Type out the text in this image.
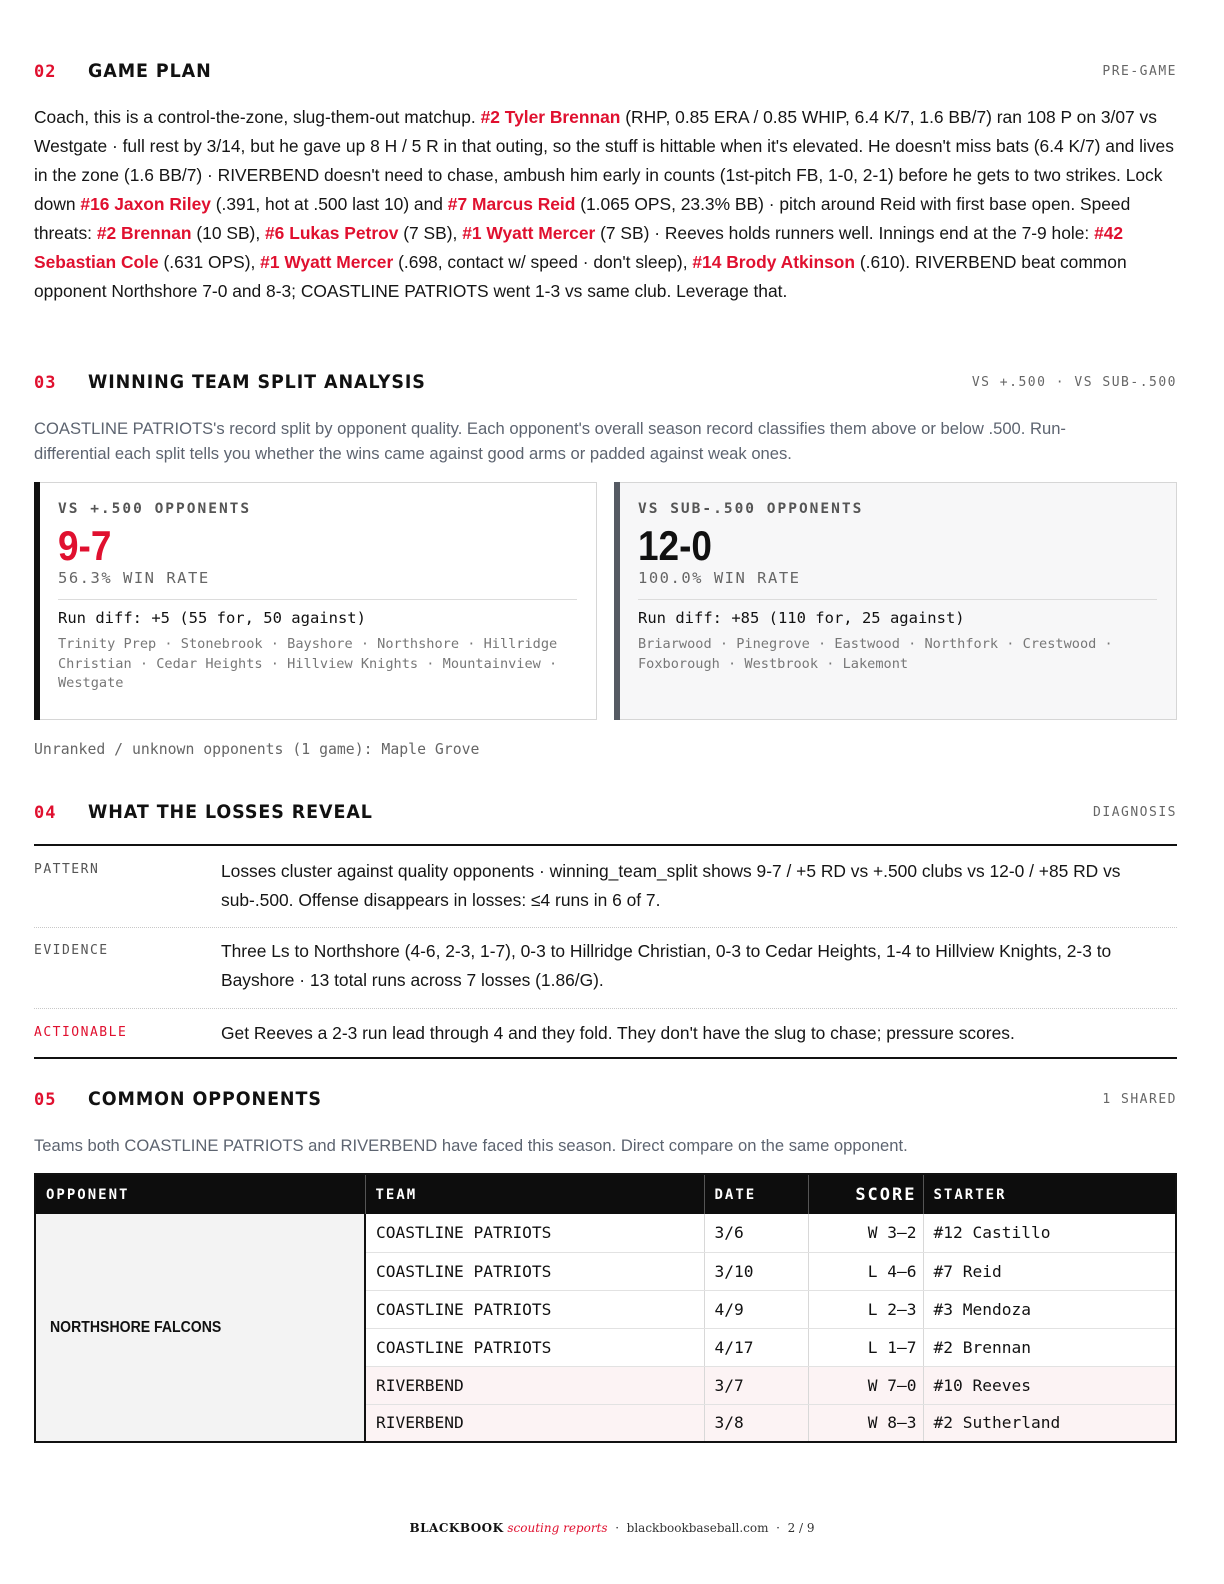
02 GAME PLAN	PRE-GAME

Coach, this is a control-the-zone, slug-them-out matchup. #2 Tyler Brennan (RHP, 0.85 ERA / 0.85 WHIP, 6.4 K/7, 1.6 BB/7) ran 108 P on 3/07 vs Westgate · full rest by 3/14, but he gave up 8 H / 5 R in that outing, so the stuff is hittable when it's elevated. He doesn't miss bats (6.4 K/7) and lives in the zone (1.6 BB/7) · RIVERBEND doesn't need to chase, ambush him early in counts (1st-pitch FB, 1-0, 2-1) before he gets to two strikes. Lock down #16 Jaxon Riley (.391, hot at .500 last 10) and #7 Marcus Reid (1.065 OPS, 23.3% BB) · pitch around Reid with first base open. Speed threats: #2 Brennan (10 SB), #6 Lukas Petrov (7 SB), #1 Wyatt Mercer (7 SB) · Reeves holds runners well. Innings end at the 7-9 hole: #42 Sebastian Cole (.631 OPS), #1 Wyatt Mercer (.698, contact w/ speed · don't sleep), #14 Brody Atkinson (.610). RIVERBEND beat common opponent Northshore 7-0 and 8-3; COASTLINE PATRIOTS went 1-3 vs same club. Leverage that.

03 WINNING TEAM SPLIT ANALYSIS	VS +.500 · VS SUB-.500

COASTLINE PATRIOTS's record split by opponent quality. Each opponent's overall season record classifies them above or below .500. Run-differential each split tells you whether the wins came against good arms or padded against weak ones.

VS +.500 OPPONENTS
9-7
56.3% WIN RATE
Run diff: +5 (55 for, 50 against)
Trinity Prep · Stonebrook · Bayshore · Northshore · Hillridge Christian · Cedar Heights · Hillview Knights · Mountainview · Westgate
VS SUB-.500 OPPONENTS
12-0
100.0% WIN RATE
Run diff: +85 (110 for, 25 against)
Briarwood · Pinegrove · Eastwood · Northfork · Crestwood · Foxborough · Westbrook · Lakemont
Unranked / unknown opponents (1 game): Maple Grove
04 WHAT THE LOSSES REVEAL	DIAGNOSIS
PATTERN	Losses cluster against quality opponents · winning_team_split shows 9-7 / +5 RD vs +.500 clubs vs 12-0 / +85 RD vs sub-.500. Offense disappears in losses: ≤4 runs in 6 of 7.
EVIDENCE	Three Ls to Northshore (4-6, 2-3, 1-7), 0-3 to Hillridge Christian, 0-3 to Cedar Heights, 1-4 to Hillview Knights, 2-3 to Bayshore · 13 total runs across 7 losses (1.86/G).
ACTIONABLE	Get Reeves a 2-3 run lead through 4 and they fold. They don't have the slug to chase; pressure scores.
05 COMMON OPPONENTS	1 SHARED

Teams both COASTLINE PATRIOTS and RIVERBEND have faced this season. Direct compare on the same opponent.

OPPONENT	TEAM	DATE	SCORE	STARTER
NORTHSHORE FALCONS	COASTLINE PATRIOTS	3/6	W 3–2	#12 Castillo
	COASTLINE PATRIOTS	3/10	L 4–6	#7 Reid
	COASTLINE PATRIOTS	4/9	L 2–3	#3 Mendoza
	COASTLINE PATRIOTS	4/17	L 1–7	#2 Brennan
	RIVERBEND	3/7	W 7–0	#10 Reeves
	RIVERBEND	3/8	W 8–3	#2 Sutherland
BLACKBOOK scouting reports  ·  blackbookbaseball.com  ·  2 / 9
